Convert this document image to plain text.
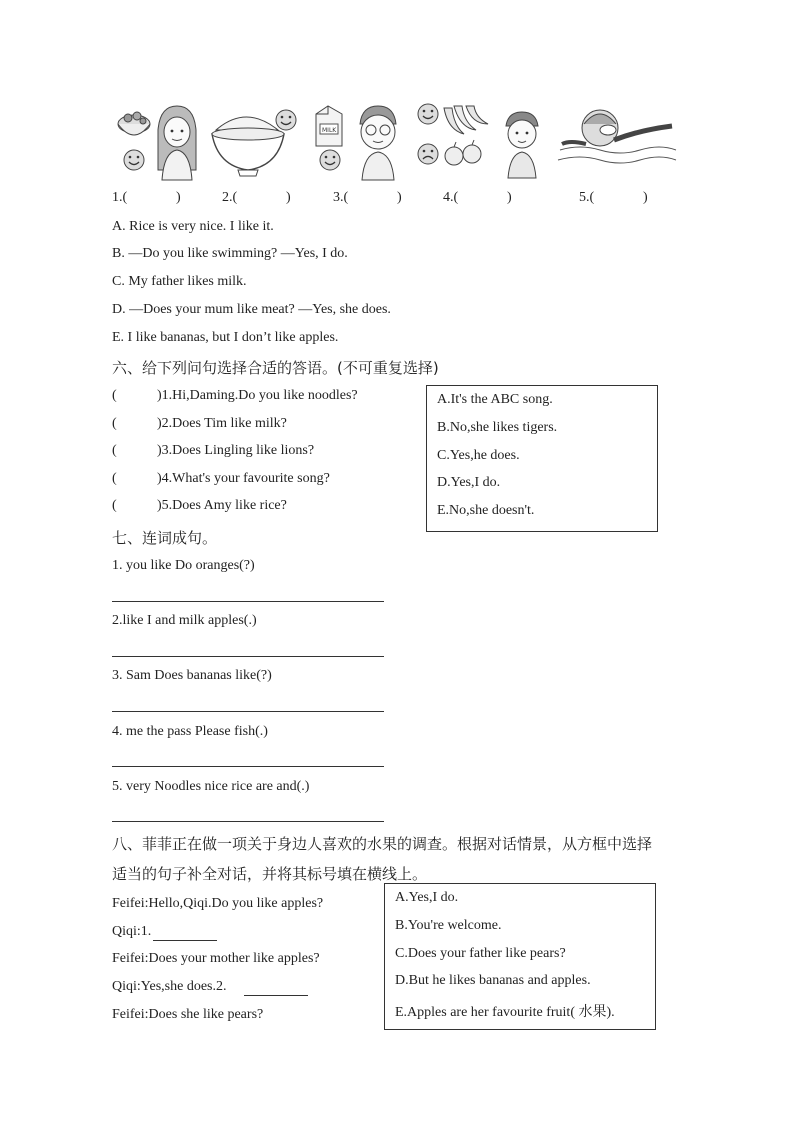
MILK
1.(	)	2.(	)	3.(	)	4.(	)	5.(	)
A. Rice is very nice. I like it.
B. —Do you like swimming? —Yes, I do.
C. My father likes milk.
D. —Does your mum like meat? —Yes, she does.
E. I like bananas, but I don’t like apples.
六、给下列问句选择合适的答语。(不可重复选择)
(	)1.Hi,Daming.Do you like noodles?
(	)2.Does Tim like milk?
(	)3.Does Lingling like lions?
(	)4.What's your favourite song?
(	)5.Does Amy like rice?
A.It's the ABC song.
B.No,she likes tigers.
C.Yes,he does.
D.Yes,I do.
E.No,she doesn't.
七、连词成句。
1. you like Do oranges(?)
2.like I and milk apples(.)
3. Sam Does bananas like(?)
4. me the pass Please fish(.)
5. very Noodles nice rice are and(.)
八、菲菲正在做一项关于身边人喜欢的水果的调查。根据对话情景，从方框中选择
适当的句子补全对话，并将其标号填在横线上。
Feifei:Hello,Qiqi.Do you like apples?
Qiqi:1.
Feifei:Does your mother like apples?
Qiqi:Yes,she does.2.
Feifei:Does she like pears?
A.Yes,I do.
B.You're welcome.
C.Does your father like pears?
D.But he likes bananas and apples.
E.Apples are her favourite fruit( 水果).
